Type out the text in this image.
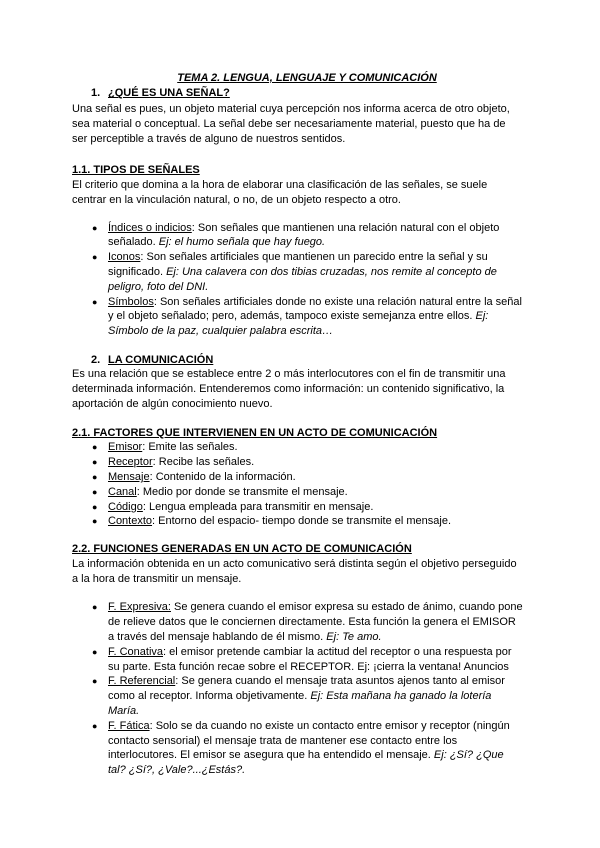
TEMA 2. LENGUA, LENGUAJE Y COMUNICACIÓN
1. ¿QUÉ ES UNA SEÑAL?

Una señal es pues, un objeto material cuya percepción nos informa acerca de otro objeto,
sea material o conceptual. La señal debe ser necesariamente material, puesto que ha de
ser perceptible a través de alguno de nuestros sentidos.

1.1. TIPOS DE SEÑALES

El criterio que domina a la hora de elaborar una clasificación de las señales, se suele
centrar en la vinculación natural, o no, de un objeto respecto a otro.

● Índices o indicios: Son señales que mantienen una relación natural con el objeto
señalado. Ej: el humo señala que hay fuego.
● Iconos: Son señales artificiales que mantienen un parecido entre la señal y su
significado. Ej: Una calavera con dos tibias cruzadas, nos remite al concepto de
peligro, foto del DNI.
● Símbolos: Son señales artificiales donde no existe una relación natural entre la señal
y el objeto señalado; pero, además, tampoco existe semejanza entre ellos. Ej:
Símbolo de la paz, cualquier palabra escrita…
2. LA COMUNICACIÓN

Es una relación que se establece entre 2 o más interlocutores con el fin de transmitir una
determinada información. Entenderemos como información: un contenido significativo, la
aportación de algún conocimiento nuevo.

2.1. FACTORES QUE INTERVIENEN EN UN ACTO DE COMUNICACIÓN
● Emisor: Emite las señales.
● Receptor: Recibe las señales.
● Mensaje: Contenido de la información.
● Canal: Medio por donde se transmite el mensaje.
● Código: Lengua empleada para transmitir en mensaje.
● Contexto: Entorno del espacio- tiempo donde se transmite el mensaje.
2.2. FUNCIONES GENERADAS EN UN ACTO DE COMUNICACIÓN

La información obtenida en un acto comunicativo será distinta según el objetivo perseguido
a la hora de transmitir un mensaje.

● F. Expresiva: Se genera cuando el emisor expresa su estado de ánimo, cuando pone
de relieve datos que le conciernen directamente. Esta función la genera el EMISOR
a través del mensaje hablando de él mismo. Ej: Te amo.
● F. Conativa: el emisor pretende cambiar la actitud del receptor o una respuesta por
su parte. Esta función recae sobre el RECEPTOR. Ej: ¡cierra la ventana! Anuncios
● F. Referencial: Se genera cuando el mensaje trata asuntos ajenos tanto al emisor
como al receptor. Informa objetivamente. Ej: Esta mañana ha ganado la lotería
María.
● F. Fática: Solo se da cuando no existe un contacto entre emisor y receptor (ningún
contacto sensorial) el mensaje trata de mantener ese contacto entre los
interlocutores. El emisor se asegura que ha entendido el mensaje. Ej: ¿Sí? ¿Que
tal? ¿Sí?, ¿Vale?...¿Estás?.
